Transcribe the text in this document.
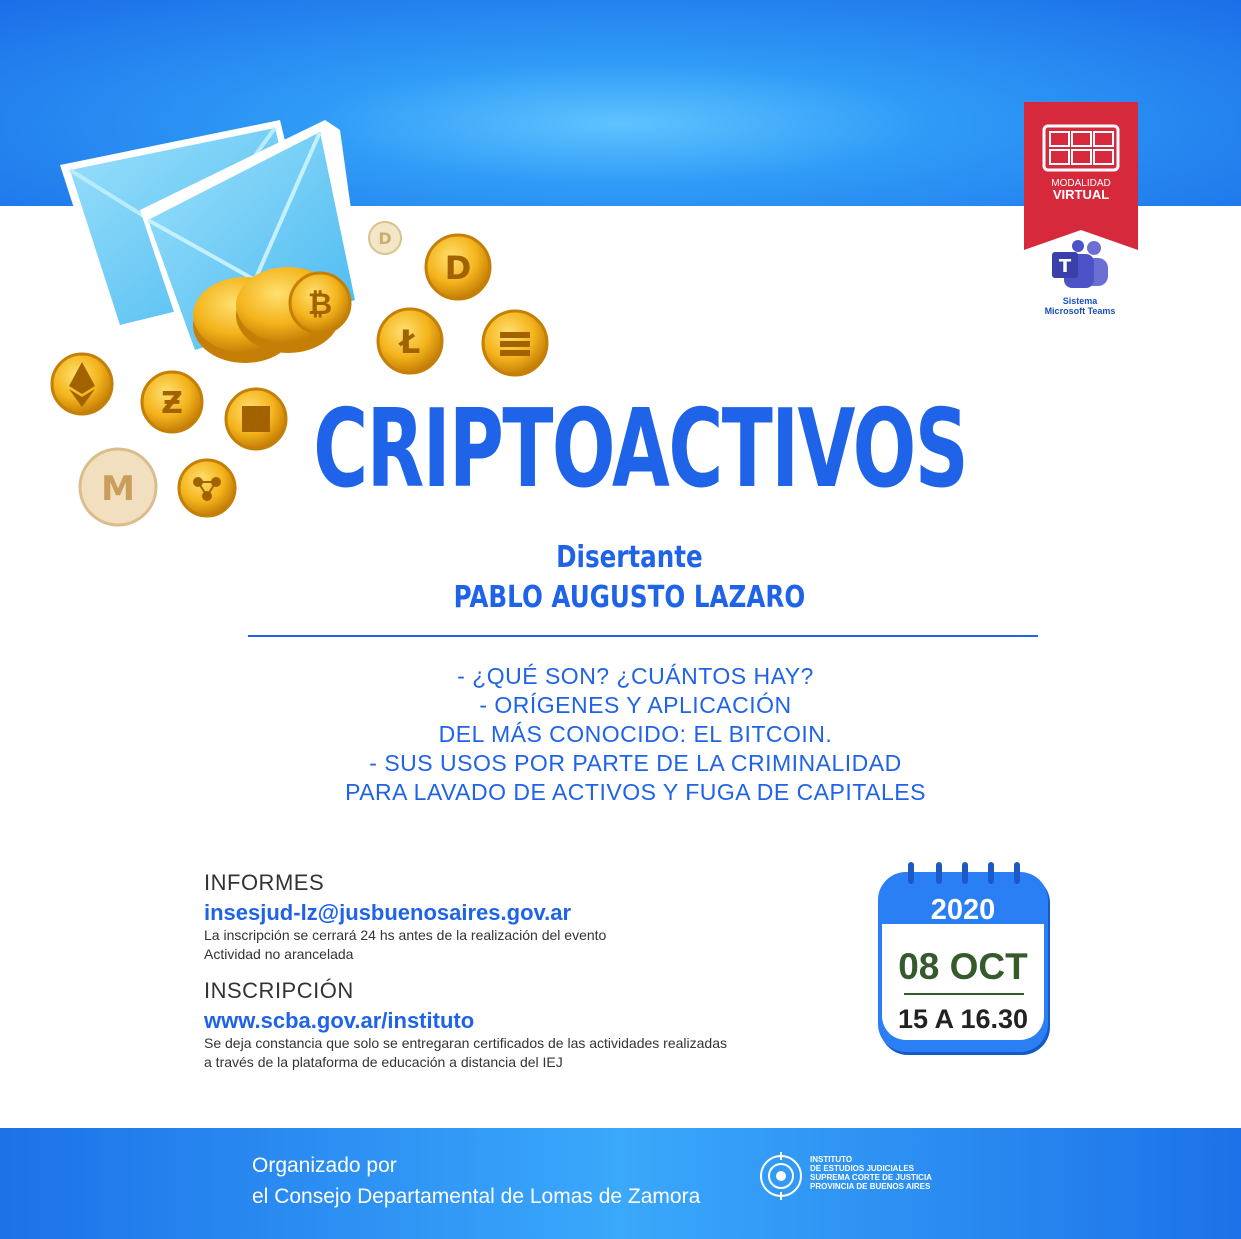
₿
D
D
Ł
Ƶ
M
MODALIDAD
VIRTUAL
T
Sistema
Microsoft Teams
CRIPTOACTIVOS
Disertante
PABLO AUGUSTO LAZARO
- ¿QUÉ SON? ¿CUÁNTOS HAY?
- ORÍGENES Y APLICACIÓN
DEL MÁS CONOCIDO: EL BITCOIN.
- SUS USOS POR PARTE DE LA CRIMINALIDAD
PARA LAVADO DE ACTIVOS Y FUGA DE CAPITALES
INFORMES
insesjud-lz@jusbuenosaires.gov.ar
La inscripción se cerrará 24 hs antes de la realización del evento
Actividad no arancelada
INSCRIPCIÓN
www.scba.gov.ar/instituto
Se deja constancia que solo se entregaran certificados de las actividades realizadas
a través de la plataforma de educación a distancia del IEJ
2020
08 OCT
15 A 16.30
Organizado por
el Consejo Departamental de Lomas de Zamora
INSTITUTO
DE ESTUDIOS JUDICIALES
SUPREMA CORTE DE JUSTICIA
PROVINCIA DE BUENOS AIRES
